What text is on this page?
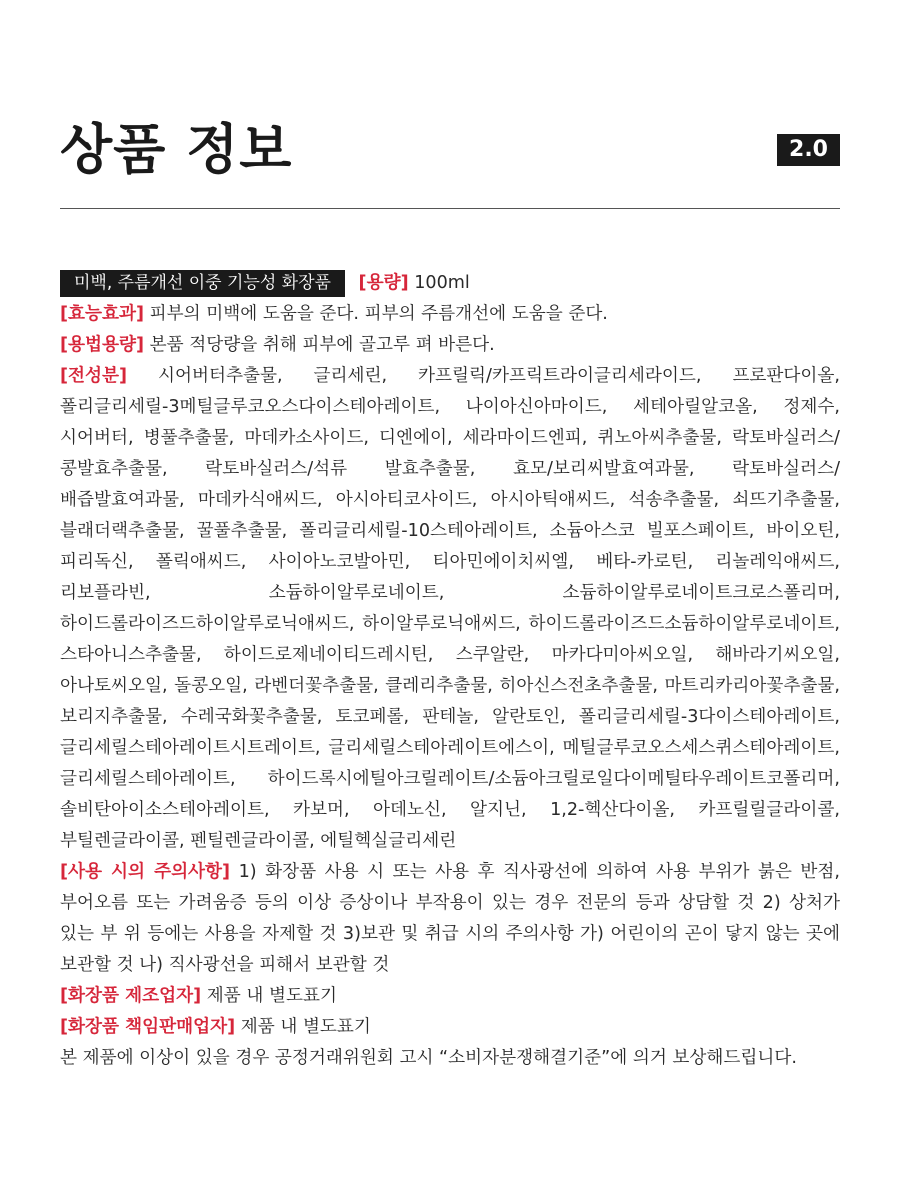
상품 정보	2.0

미백, 주름개선 이중 기능성 화장품 [용량] 100ml

[효능효과] 피부의 미백에 도움을 준다. 피부의 주름개선에 도움을 준다.

[용법용량] 본품 적당량을 취해 피부에 골고루 펴 바른다.

[전성분] 시어버터추출물, 글리세린, 카프릴릭/카프릭트라이글리세라이드, 프로판다이올, 폴리글리세릴-3메틸글루코오스다이스테아레이트, 나이아신아마이드, 세테아릴알코올, 정제수, 시어버터, 병풀추출물, 마데카소사이드, 디엔에이, 세라마이드엔피, 퀴노아씨추출물, 락토바실러스/콩발효추출물, 락토바실러스/석류 발효추출물, 효모/보리씨발효여과물, 락토바실러스/ 배즙발효여과물, 마데카식애씨드, 아시아티코사이드, 아시아틱애씨드, 석송추출물, 쇠뜨기추출물, 블래더랙추출물, 꿀풀추출물, 폴리글리세릴-10스테아레이트, 소듐아스코 빌포스페이트, 바이오틴, 피리독신, 폴릭애씨드, 사이아노코발아민, 티아민에이치씨엘, 베타-카로틴, 리놀레익애씨드, 리보플라빈, 소듐하이알루로네이트, 소듐하이알루로네이트크로스폴리머, 하이드롤라이즈드하이알루로닉애씨드, 하이알루로닉애씨드, 하이드롤라이즈드소듐하이알루로네이트, 스타아니스추출물, 하이드로제네이티드레시틴, 스쿠알란, 마카다미아씨오일, 해바라기씨오일, 아나토씨오일, 돌콩오일, 라벤더꽃추출물, 클레리추출물, 히아신스전초추출물, 마트리카리아꽃추출물,보리지추출물, 수레국화꽃추출물, 토코페롤, 판테놀, 알란토인, 폴리글리세릴-3다이스테아레이트, 글리세릴스테아레이트시트레이트, 글리세릴스테아레이트에스이, 메틸글루코오스세스퀴스테아레이트, 글리세릴스테아레이트, 하이드록시에틸아크릴레이트/소듐아크릴로일다이메틸타우레이트코폴리머, 솔비탄아이소스테아레이트, 카보머, 아데노신, 알지닌, 1,2-헥산다이올, 카프릴릴글라이콜, 부틸렌글라이콜, 펜틸렌글라이콜, 에틸헥실글리세린

[사용 시의 주의사항] 1) 화장품 사용 시 또는 사용 후 직사광선에 의하여 사용 부위가 붉은 반점, 부어오름 또는 가려움증 등의 이상 증상이나 부작용이 있는 경우 전문의 등과 상담할 것 2) 상처가 있는 부 위 등에는 사용을 자제할 것 3)보관 및 취급 시의 주의사항 가) 어린이의 곤이 닿지 않는 곳에 보관할 것 나) 직사광선을 피해서 보관할 것

[화장품 제조업자] 제품 내 별도표기

[화장품 책임판매업자] 제품 내 별도표기

본 제품에 이상이 있을 경우 공정거래위원회 고시 “소비자분쟁해결기준”에 의거 보상해드립니다.
